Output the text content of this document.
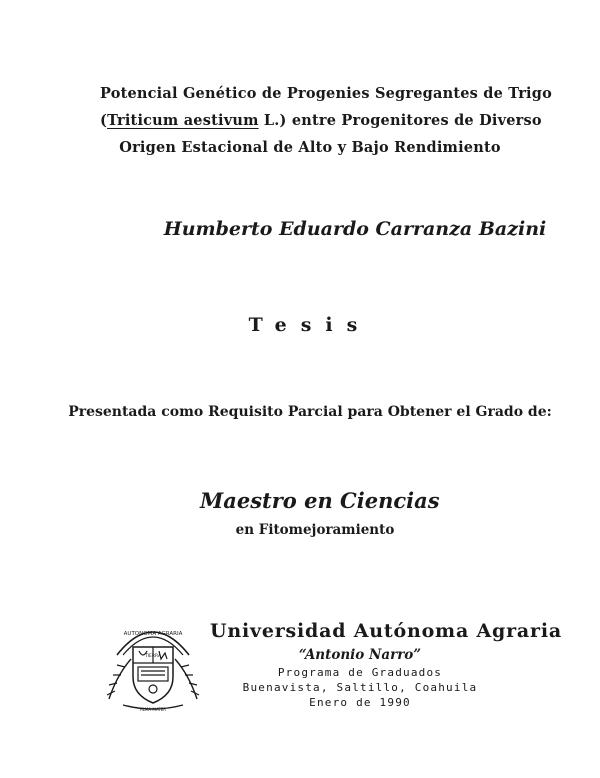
Potencial Genético de Progenies Segregantes de Trigo
(Triticum aestivum L.) entre Progenitores de Diverso
Origen Estacional de Alto y Bajo Rendimiento
Humberto Eduardo Carranza Bazini
Tesis
Presentada como Requisito Parcial para Obtener el Grado de:
Maestro en Ciencias
en Fitomejoramiento
AUTONOMA AGRARIA
TIERRA
ALMA MATER
Universidad Autónoma Agraria
“Antonio Narro”
Programa de Graduados
Buenavista, Saltillo, Coahuila
Enero de 1990
